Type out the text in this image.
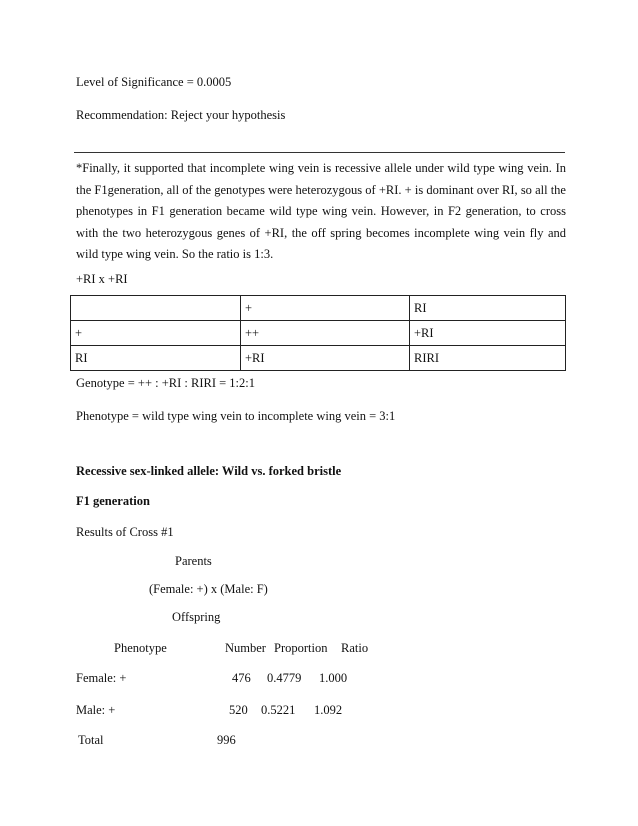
Level of Significance = 0.0005
Recommendation: Reject your hypothesis
*Finally, it supported that incomplete wing vein is recessive allele under wild type wing vein. In the F1generation, all of the genotypes were heterozygous of +RI. + is dominant over RI, so all the phenotypes in F1 generation became wild type wing vein. However, in F2 generation, to cross with the two heterozygous genes of +RI, the off spring becomes incomplete wing vein fly and wild type wing vein. So the ratio is 1:3.
+RI x +RI
	+	RI
+	++	+RI
RI	+RI	RIRI
Genotype = ++ : +RI : RIRI = 1:2:1
Phenotype = wild type wing vein to incomplete wing vein = 3:1
Recessive sex-linked allele: Wild vs. forked bristle
F1 generation
Results of Cross #1
Parents
(Female: +) x (Male: F)
Offspring
Phenotype	Number Proportion Ratio
Female: +	476 0.4779 1.000
Male: +	520 0.5221 1.092
Total	996
